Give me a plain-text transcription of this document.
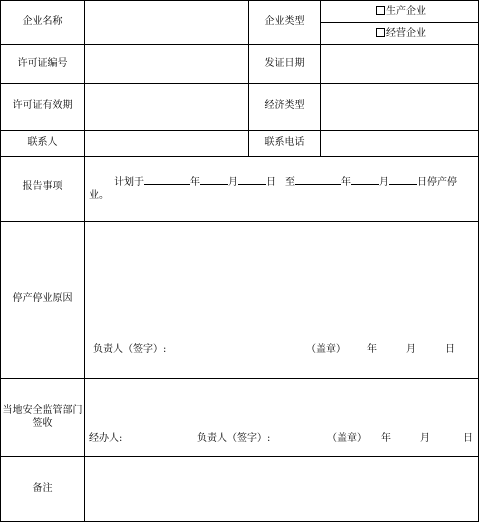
企业名称	企业类型
生产企业
经营企业
许可证编号	发证日期
许可证有效期	经济类型
联系人	联系电话
报告事项	计划于	年	月	日 至	年	月	日停产停
业。
停产停业原因
负责人（签字）:	（盖章） 年	月	日
当地安全监管部门签收
经办人:	负责人（签字）:	（盖章） 年	月	日
备注
